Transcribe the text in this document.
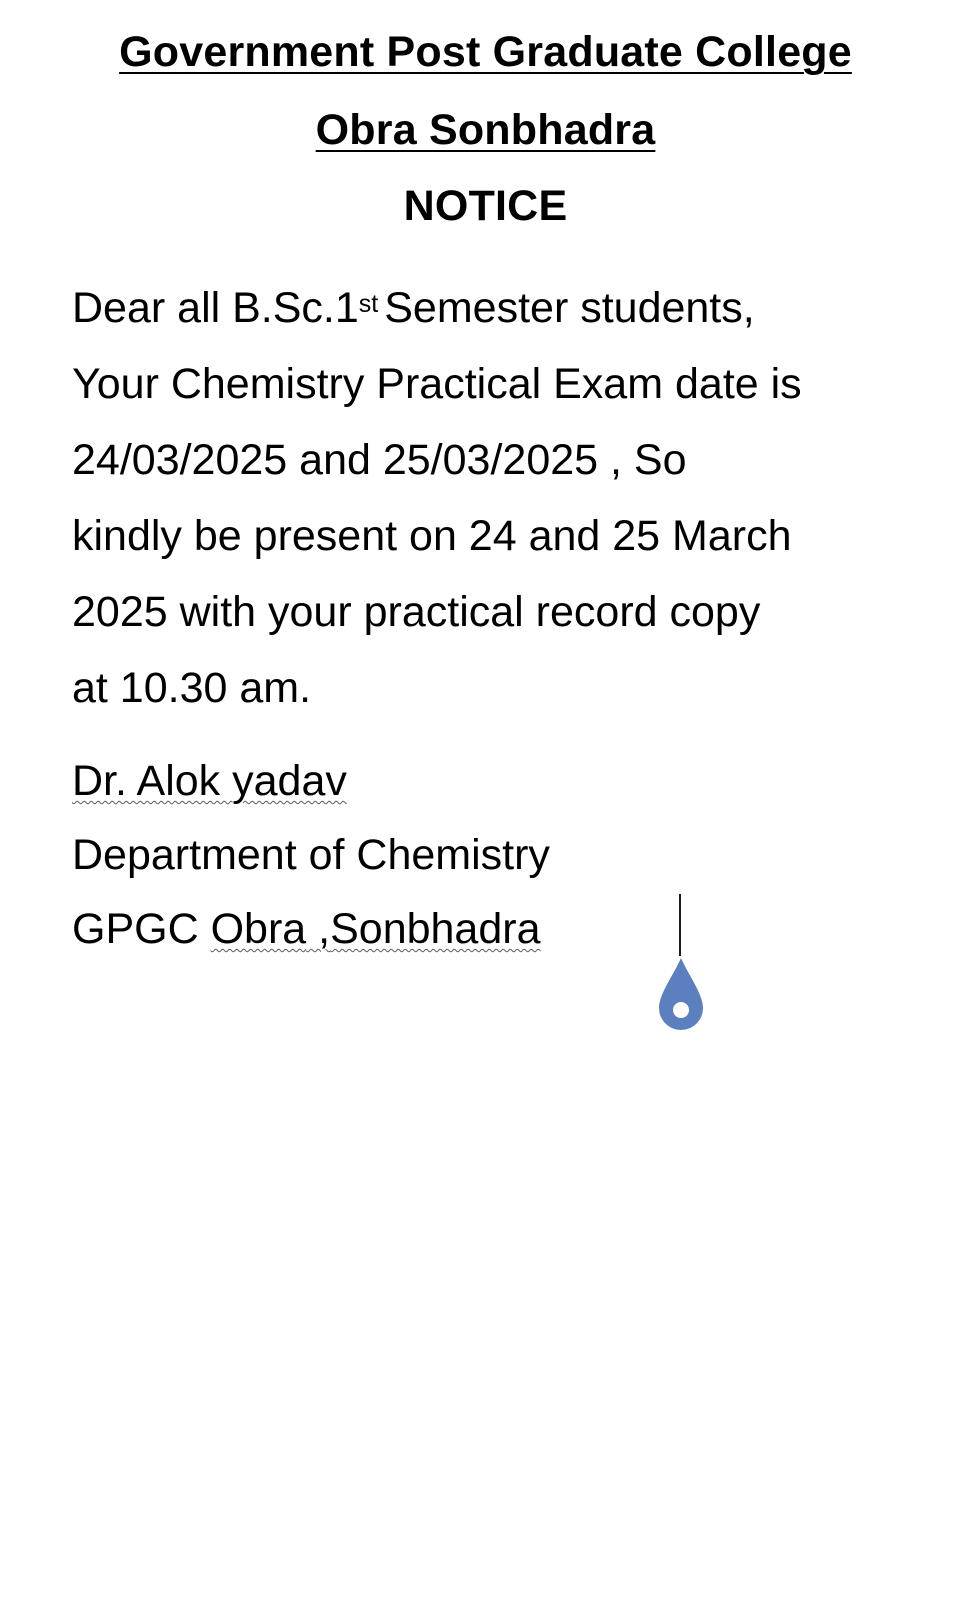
Government Post Graduate College
Obra Sonbhadra
NOTICE
Dear all B.Sc.1st Semester students,
Your Chemistry Practical Exam date is
24/03/2025 and 25/03/2025 , So
kindly be present on 24 and 25 March
2025 with your practical record copy
at 10.30 am.
Dr. Alok yadav
Department of Chemistry
GPGC Obra ,Sonbhadra
